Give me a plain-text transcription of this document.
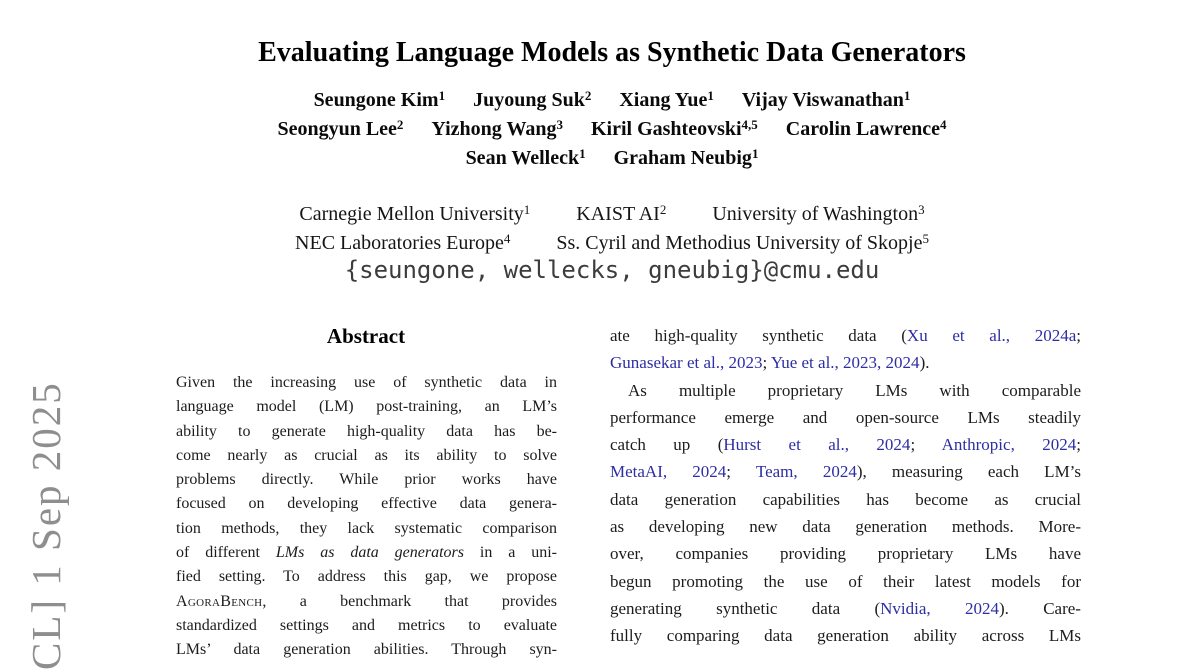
CL] 1 Sep 2025
Evaluating Language Models as Synthetic Data Generators
Seungone Kim$^1$ Juyoung Suk$^2$ Xiang Yue$^1$ Vijay Viswanathan$^1$
Seongyun Lee$^2$ Yizhong Wang$^3$ Kiril Gashteovski$^{4,5}$ Carolin Lawrence$^4$
Sean Welleck$^1$ Graham Neubig$^1$
Carnegie Mellon University$^1$ KAIST $AI^2$ University of Washington$^3$
NEC Laboratories Europe$^4$ Ss. Cyril and Methodius University of Skopje$^5$
{seungone, wellecks, gneubig}@cmu.edu
Abstract
Given the increasing use of synthetic data in
language model (LM) post-training, an LM’s
ability to generate high-quality data has be-
come nearly as crucial as its ability to solve
problems directly. While prior works have
focused on developing effective data genera-
tion methods, they lack systematic comparison
of different LMs as data generators in a uni-
fied setting. To address this gap, we propose
AgoraBench, a benchmark that provides
standardized settings and metrics to evaluate
LMs’ data generation abilities. Through syn-
ate high-quality synthetic data (Xu et al., 2024a;
Gunasekar et al., 2023; Yue et al., 2023, 2024).
As multiple proprietary LMs with comparable
performance emerge and open-source LMs steadily
catch up (Hurst et al., 2024; Anthropic, 2024;
MetaAI, 2024; Team, 2024), measuring each LM’s
data generation capabilities has become as crucial
as developing new data generation methods. More-
over, companies providing proprietary LMs have
begun promoting the use of their latest models for
generating synthetic data (Nvidia, 2024). Care-
fully comparing data generation ability across LMs
